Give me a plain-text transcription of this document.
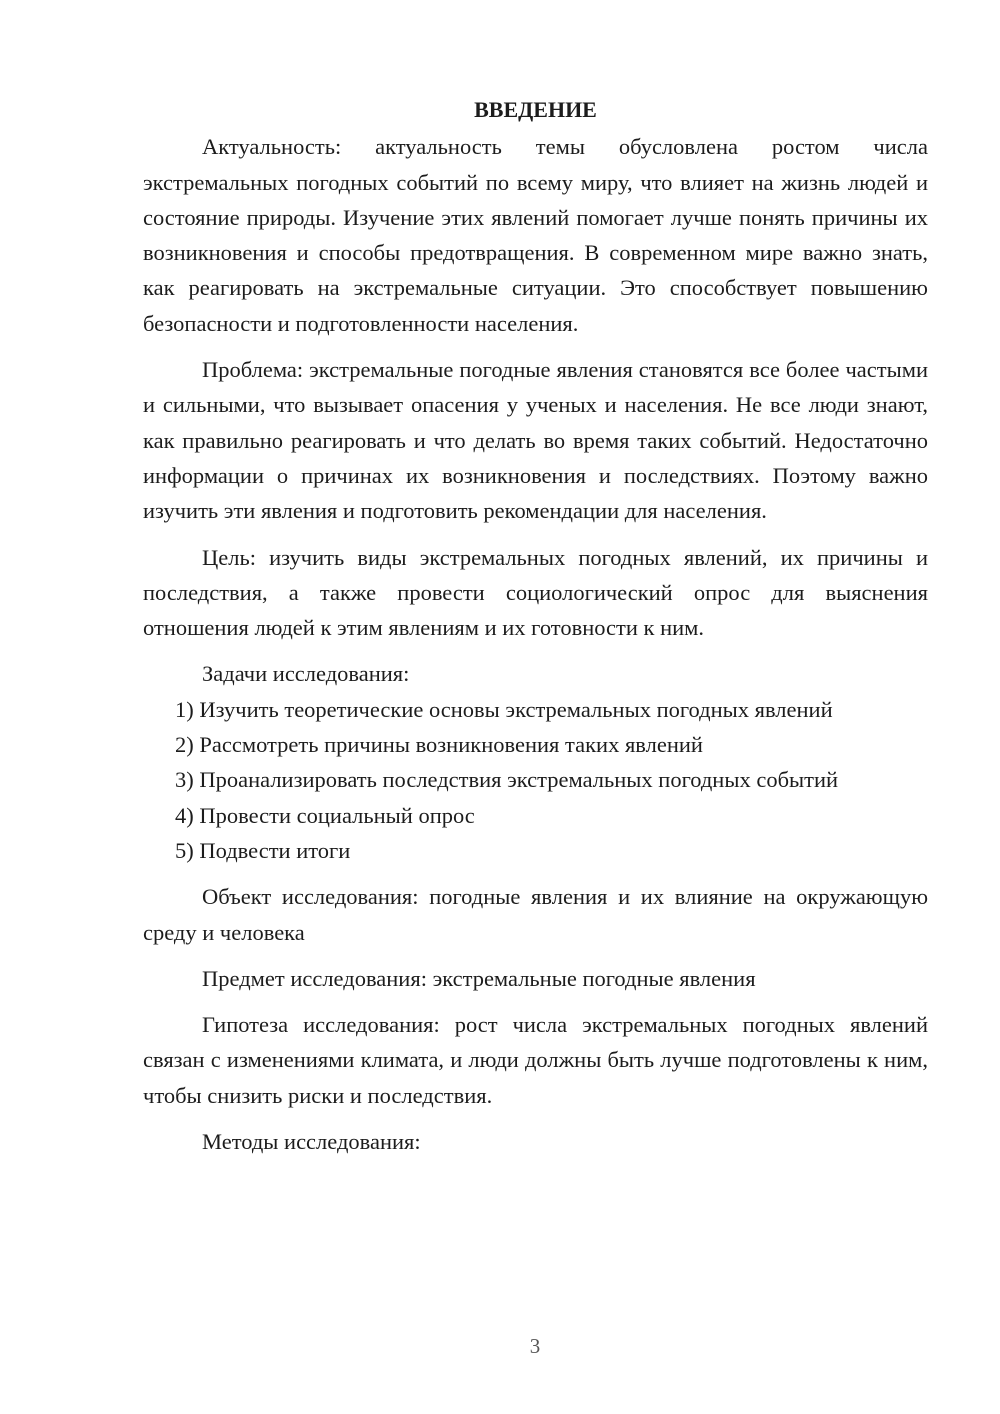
ВВЕДЕНИЕ

Актуальность: актуальность темы обусловлена ростом числа экстремальных погодных событий по всему миру, что влияет на жизнь людей и состояние природы. Изучение этих явлений помогает лучше понять причины их возникновения и способы предотвращения. В современном мире важно знать, как реагировать на экстремальные ситуации. Это способствует повышению безопасности и подготовленности населения.

Проблема: экстремальные погодные явления становятся все более частыми и сильными, что вызывает опасения у ученых и населения. Не все люди знают, как правильно реагировать и что делать во время таких событий. Недостаточно информации о причинах их возникновения и последствиях. Поэтому важно изучить эти явления и подготовить рекомендации для населения.

Цель: изучить виды экстремальных погодных явлений, их причины и последствия, а также провести социологический опрос для выяснения отношения людей к этим явлениям и их готовности к ним.

Задачи исследования:

1) Изучить теоретические основы экстремальных погодных явлений

2) Рассмотреть причины возникновения таких явлений

3) Проанализировать последствия экстремальных погодных событий

4) Провести социальный опрос

5) Подвести итоги

Объект исследования: погодные явления и их влияние на окружающую среду и человека

Предмет исследования: экстремальные погодные явления

Гипотеза исследования: рост числа экстремальных погодных явлений связан с изменениями климата, и люди должны быть лучше подготовлены к ним, чтобы снизить риски и последствия.

Методы исследования:

3
